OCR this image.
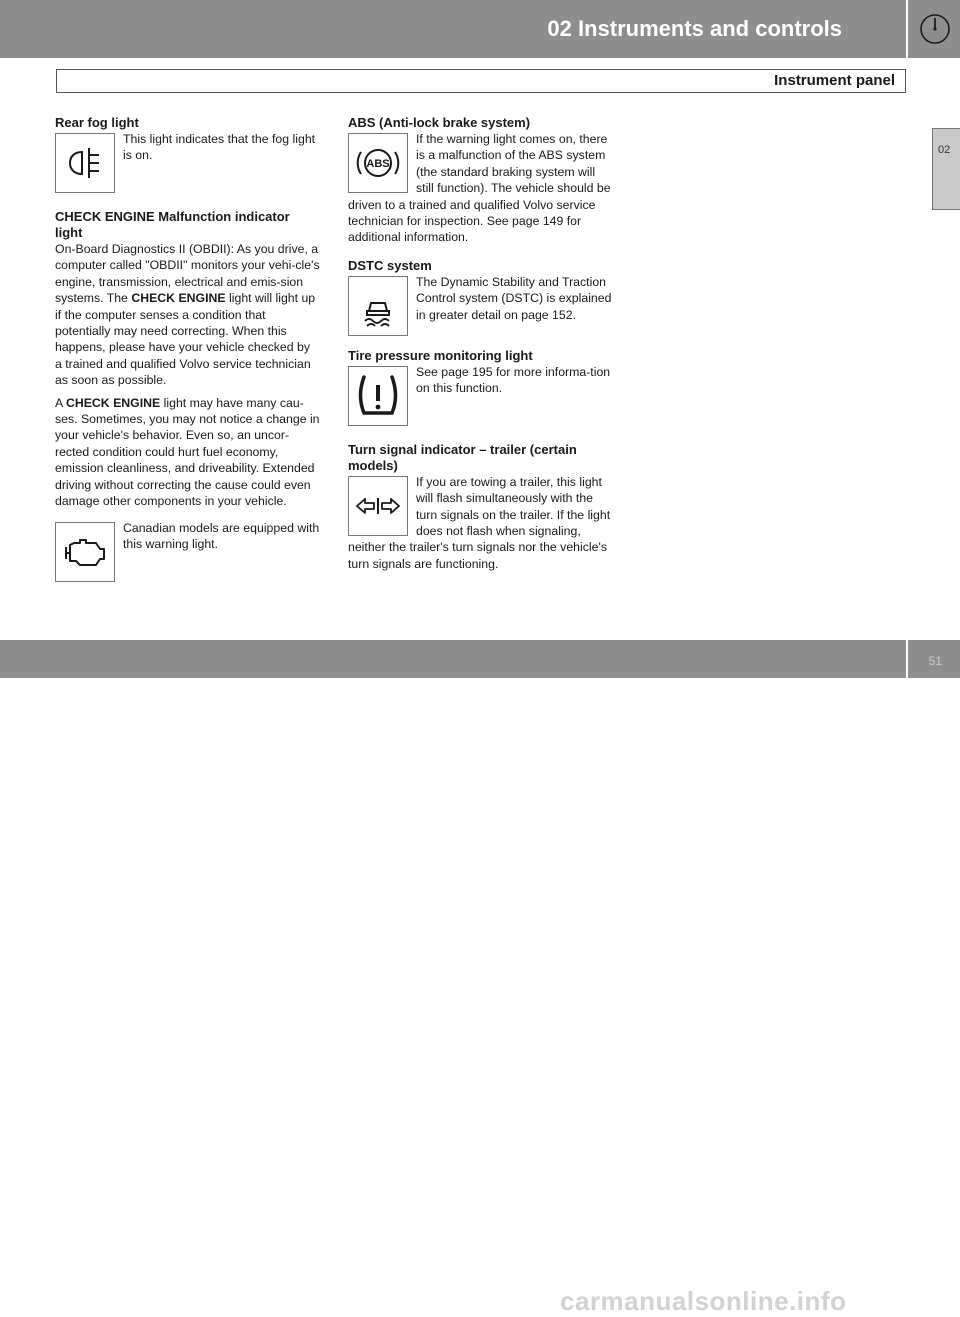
02 Instruments and controls
Instrument panel
02

Rear fog light

This light indicates that the fog light is on.

CHECK ENGINE Malfunction indicator light

On-Board Diagnostics II (OBDII): As you drive, a computer called "OBDII" monitors your vehi-cle's engine, transmission, electrical and emis-sion systems. The CHECK ENGINE light will light up if the computer senses a condition that potentially may need correcting. When this happens, please have your vehicle checked by a trained and qualified Volvo service technician as soon as possible.

A CHECK ENGINE light may have many cau-ses. Sometimes, you may not notice a change in your vehicle's behavior. Even so, an uncor-rected condition could hurt fuel economy, emission cleanliness, and driveability. Extended driving without correcting the cause could even damage other components in your vehicle.

Canadian models are equipped with this warning light.

ABS (Anti-lock brake system)

ABS

If the warning light comes on, there is a malfunction of the ABS system (the standard braking system will still function). The vehicle should be driven to a trained and qualified Volvo service technician for inspection. See page 149 for additional information.

DSTC system

The Dynamic Stability and Traction Control system (DSTC) is explained in greater detail on page 152.

Tire pressure monitoring light

See page 195 for more informa-tion on this function.

Turn signal indicator – trailer (certain models)

If you are towing a trailer, this light will flash simultaneously with the turn signals on the trailer. If the light does not flash when signaling, neither the trailer's turn signals nor the vehicle's turn signals are functioning.

carmanualsonline.info
51
